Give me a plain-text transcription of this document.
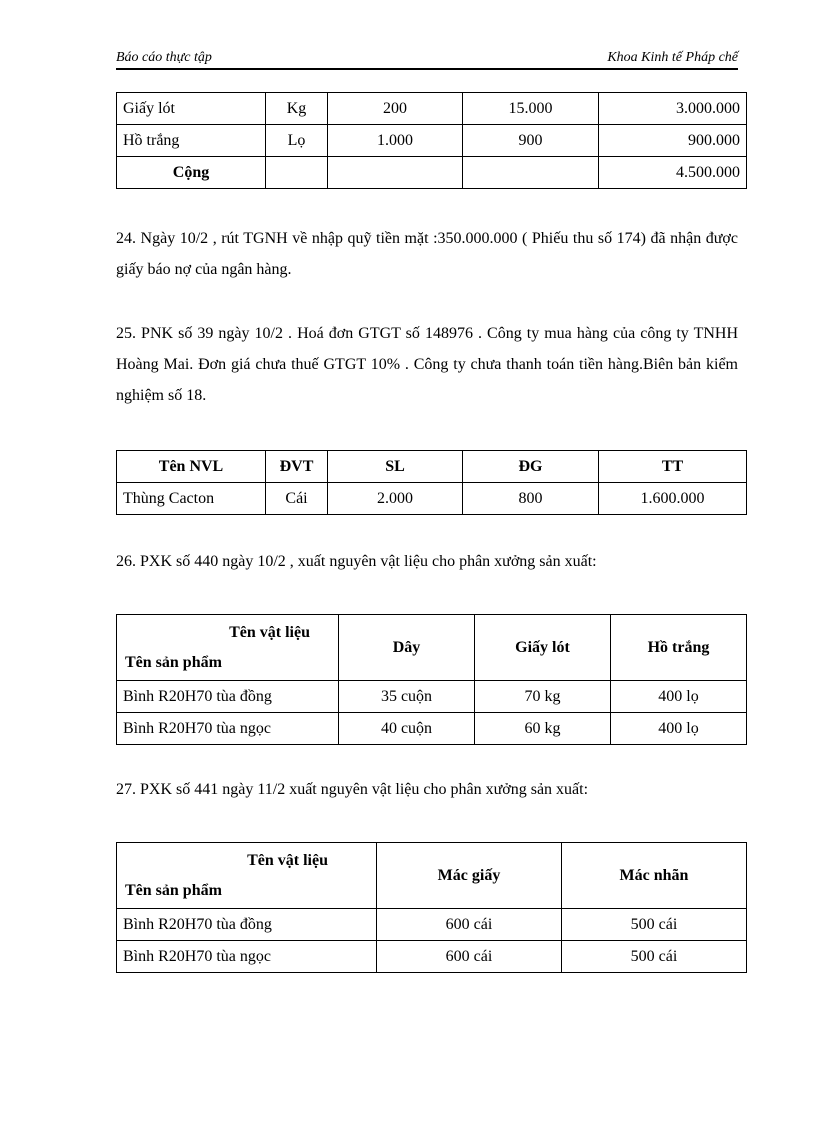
Báo cáo thực tập	Khoa Kinh tế Pháp chế
Giấy lót	Kg	200	15.000	3.000.000
Hồ trắng	Lọ	1.000	900	900.000
Cộng				4.500.000

24. Ngày 10/2 , rút TGNH về nhập quỹ tiền mặt :350.000.000 ( Phiếu thu số 174) đã nhận được giấy báo nợ của ngân hàng.

25. PNK số 39 ngày 10/2 . Hoá đơn GTGT số 148976 . Công ty mua hàng của công ty TNHH Hoàng Mai. Đơn giá chưa thuế GTGT 10% . Công ty chưa thanh toán tiền hàng.Biên bản kiểm nghiệm số 18.

Tên NVL	ĐVT	SL	ĐG	TT
Thùng Cacton	Cái	2.000	800	1.600.000

26. PXK số 440 ngày 10/2 , xuất nguyên vật liệu cho phân xưởng sản xuất:

Tên vật liệu
Tên sản phẩm	Dây	Giấy lót	Hồ trắng
Bình R20H70 tùa đồng	35 cuộn	70 kg	400 lọ
Bình R20H70 tùa ngọc	40 cuộn	60 kg	400 lọ

27. PXK số 441 ngày 11/2 xuất nguyên vật liệu cho phân xưởng sản xuất:

Tên vật liệu
Tên sản phẩm	Mác giấy	Mác nhãn
Bình R20H70 tùa đồng	600 cái	500 cái
Bình R20H70 tùa ngọc	600 cái	500 cái
